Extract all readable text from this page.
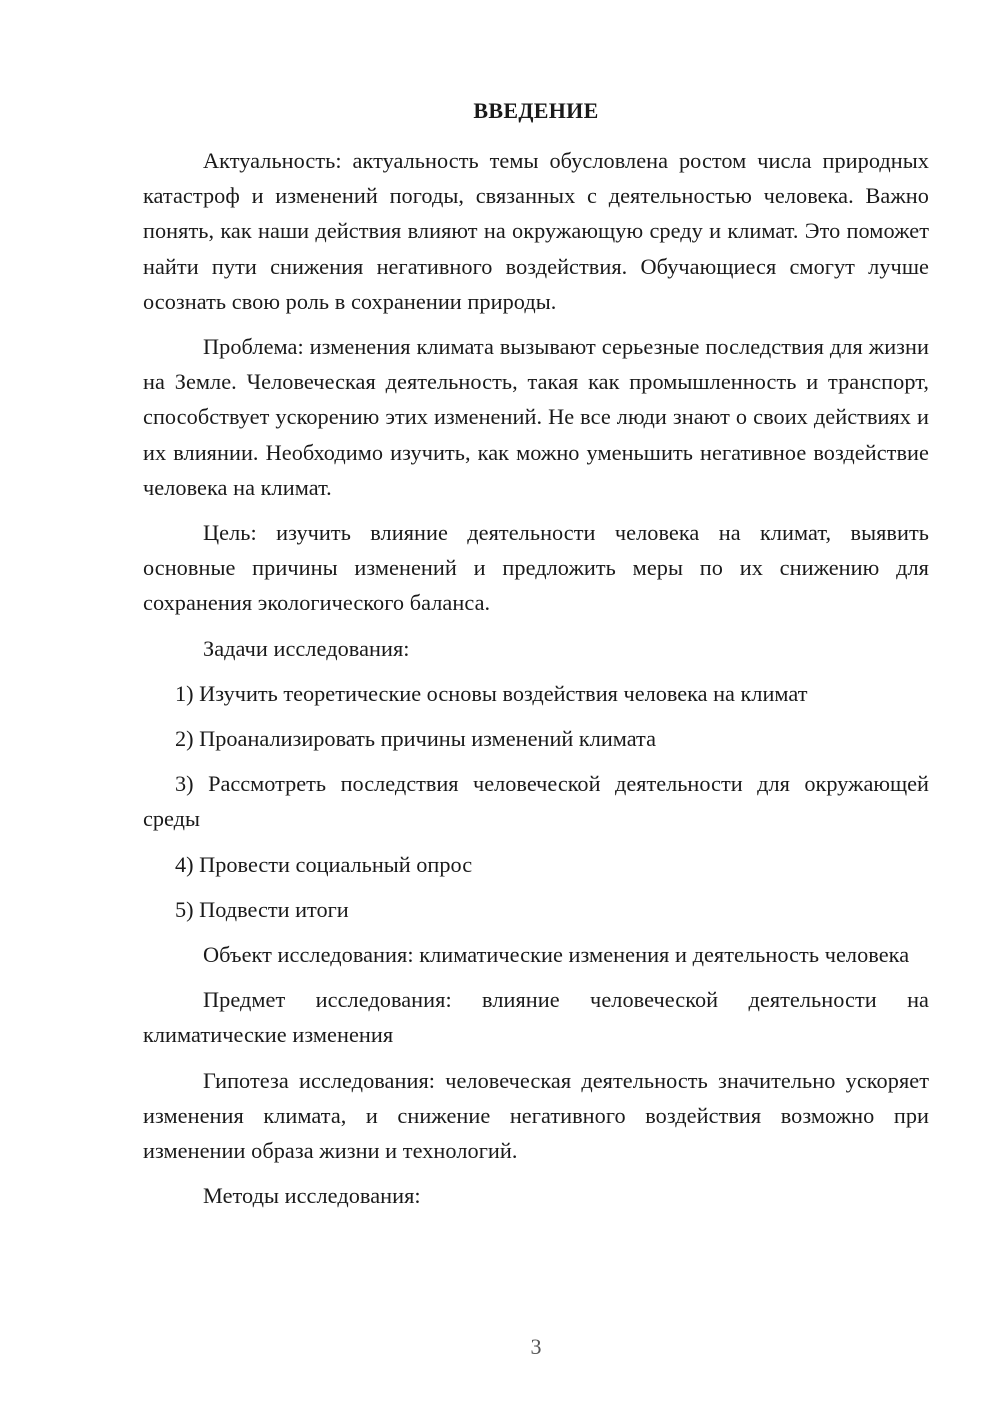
ВВЕДЕНИЕ

Актуальность: актуальность темы обусловлена ростом числа природных катастроф и изменений погоды, связанных с деятельностью человека. Важно понять, как наши действия влияют на окружающую среду и климат. Это поможет найти пути снижения негативного воздействия. Обучающиеся смогут лучше осознать свою роль в сохранении природы.

Проблема: изменения климата вызывают серьезные последствия для жизни на Земле. Человеческая деятельность, такая как промышленность и транспорт, способствует ускорению этих изменений. Не все люди знают о своих действиях и их влиянии. Необходимо изучить, как можно уменьшить негативное воздействие человека на климат.

Цель: изучить влияние деятельности человека на климат, выявить основные причины изменений и предложить меры по их снижению для сохранения экологического баланса.

Задачи исследования:

1) Изучить теоретические основы воздействия человека на климат

2) Проанализировать причины изменений климата

3) Рассмотреть последствия человеческой деятельности для окружающей среды

4) Провести социальный опрос

5) Подвести итоги

Объект исследования: климатические изменения и деятельность человека

Предмет исследования: влияние человеческой деятельности на климатические изменения

Гипотеза исследования: человеческая деятельность значительно ускоряет изменения климата, и снижение негативного воздействия возможно при изменении образа жизни и технологий.

Методы исследования:

3
